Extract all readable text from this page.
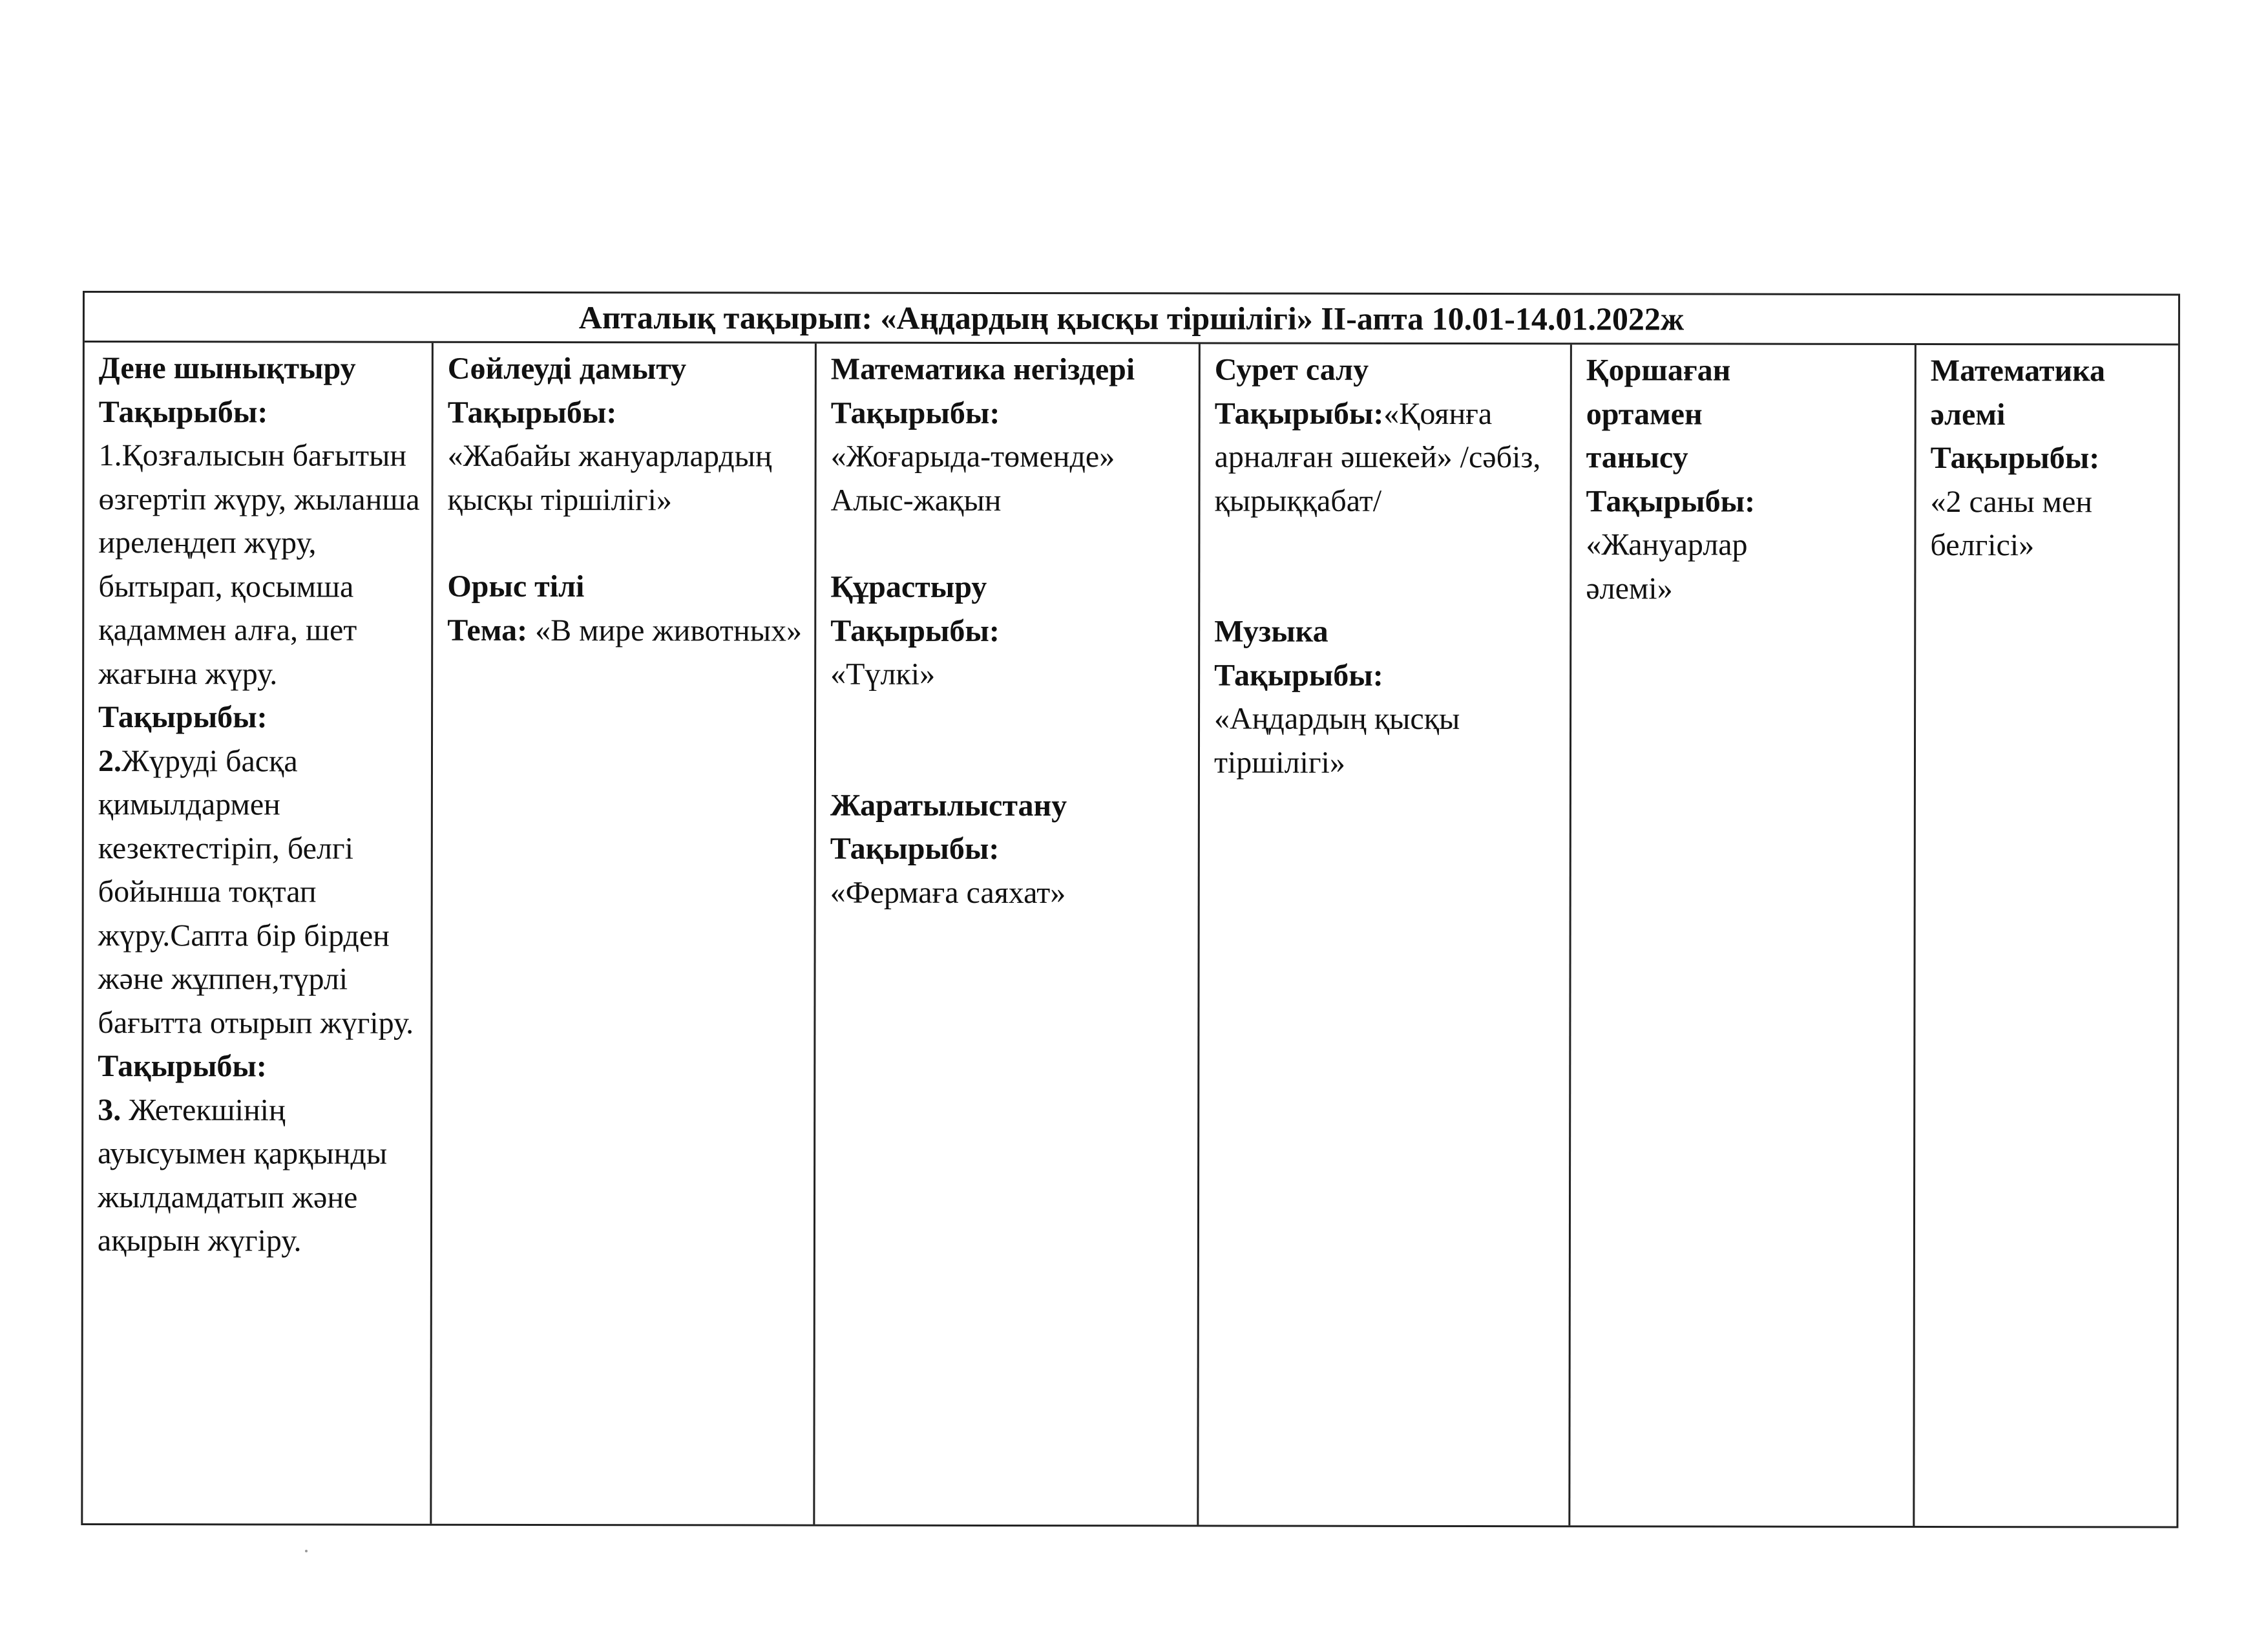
Апталық тақырып: «Аңдардың қысқы тіршілігі» ІІ-апта 10.01-14.01.2022ж

Дене шынықтыру

Тақырыбы:

1.Қозғалысын бағытын өзгертіп жүру, жыланша ирелеңдеп жүру, бытырап, қосымша қадаммен алға, шет жағына жүру.

Тақырыбы:

2.Жүруді басқа қимылдармен кезектестіріп, белгі бойынша тоқтап жүру.Сапта бір бірден және жұппен,түрлі бағытта отырып жүгіру.

Тақырыбы:

3. Жетекшінің ауысуымен қарқынды жылдамдатып және ақырын жүгіру.

Сөйлеуді дамыту

Тақырыбы:

«Жабайы жануарлардың қысқы тіршілігі»

Орыс тілі

Тема: «В мире животных»

Математика негіздері

Тақырыбы:

«Жоғарыда-төменде» Алыс-жақын

Құрастыру

Тақырыбы:

«Түлкі»

Жаратылыстану

Тақырыбы:

«Фермаға саяхат»

Сурет салу

Тақырыбы:«Қоянға арналған әшекей» /сәбіз, қырыққабат/

Музыка

Тақырыбы:

«Аңдардың қысқы тіршілігі»

Қоршаған ортамен танысу

Тақырыбы:

«Жануарлар әлемі»

Математика әлемі

Тақырыбы:

«2 саны мен белгісі»
